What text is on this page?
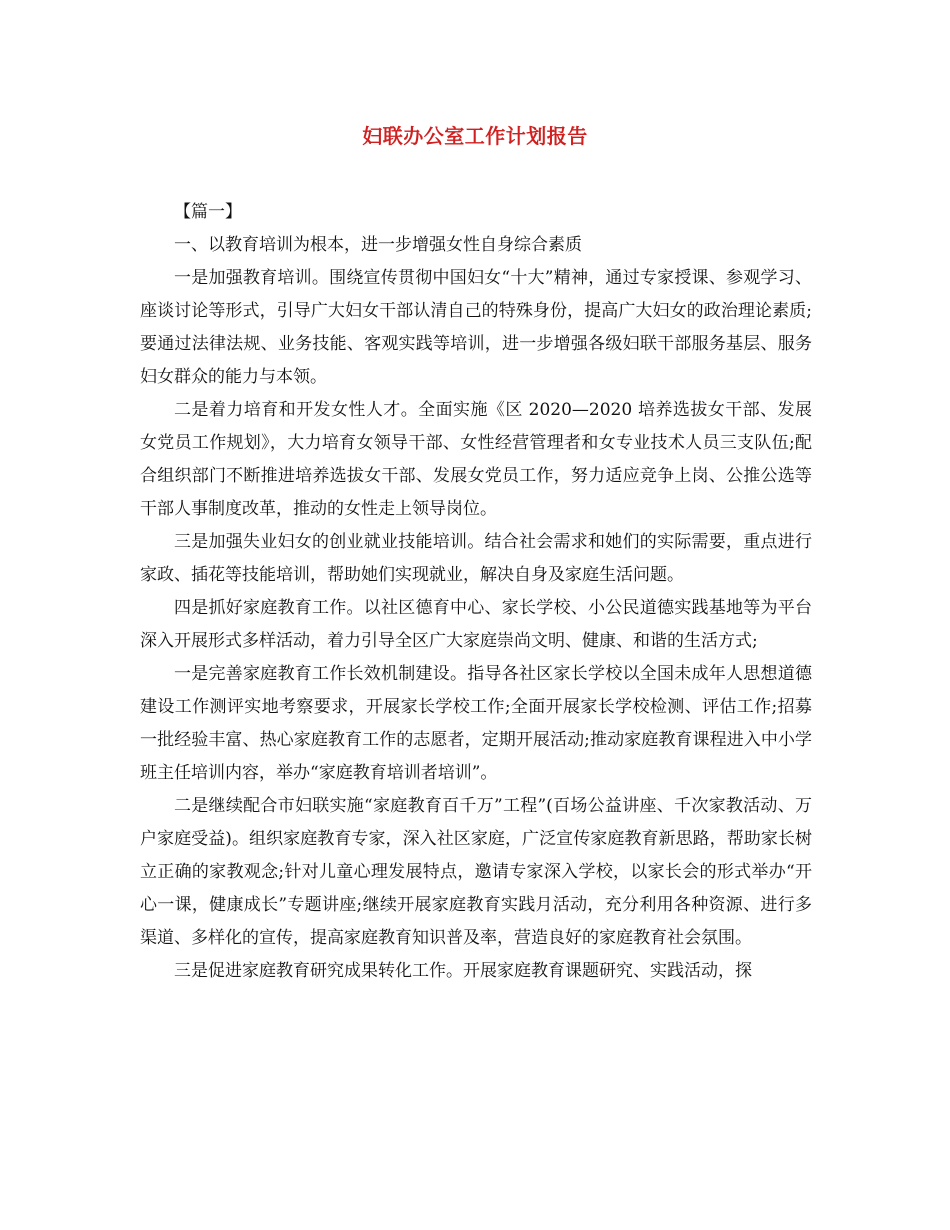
妇联办公室工作计划报告

【篇一】

一、以教育培训为根本，进一步增强女性自身综合素质

一是加强教育培训。围绕宣传贯彻中国妇女“十大”精神，通过专家授课、参观学习、座谈讨论等形式，引导广大妇女干部认清自己的特殊身份，提高广大妇女的政治理论素质;要通过法律法规、业务技能、客观实践等培训，进一步增强各级妇联干部服务基层、服务妇女群众的能力与本领。

二是着力培育和开发女性人才。全面实施《区 2020—2020 培养选拔女干部、发展女党员工作规划》，大力培育女领导干部、女性经营管理者和女专业技术人员三支队伍;配合组织部门不断推进培养选拔女干部、发展女党员工作，努力适应竞争上岗、公推公选等干部人事制度改革，推动的女性走上领导岗位。

三是加强失业妇女的创业就业技能培训。结合社会需求和她们的实际需要，重点进行家政、插花等技能培训，帮助她们实现就业，解决自身及家庭生活问题。

四是抓好家庭教育工作。以社区德育中心、家长学校、小公民道德实践基地等为平台深入开展形式多样活动，着力引导全区广大家庭崇尚文明、健康、和谐的生活方式;

一是完善家庭教育工作长效机制建设。指导各社区家长学校以全国未成年人思想道德建设工作测评实地考察要求，开展家长学校工作;全面开展家长学校检测、评估工作;招募一批经验丰富、热心家庭教育工作的志愿者，定期开展活动;推动家庭教育课程进入中小学班主任培训内容，举办“家庭教育培训者培训”。

二是继续配合市妇联实施“家庭教育百千万”工程”(百场公益讲座、千次家教活动、万户家庭受益)。组织家庭教育专家，深入社区家庭，广泛宣传家庭教育新思路，帮助家长树立正确的家教观念;针对儿童心理发展特点，邀请专家深入学校，以家长会的形式举办“开心一课，健康成长”专题讲座;继续开展家庭教育实践月活动，充分利用各种资源、进行多渠道、多样化的宣传，提高家庭教育知识普及率，营造良好的家庭教育社会氛围。

三是促进家庭教育研究成果转化工作。开展家庭教育课题研究、实践活动，探
